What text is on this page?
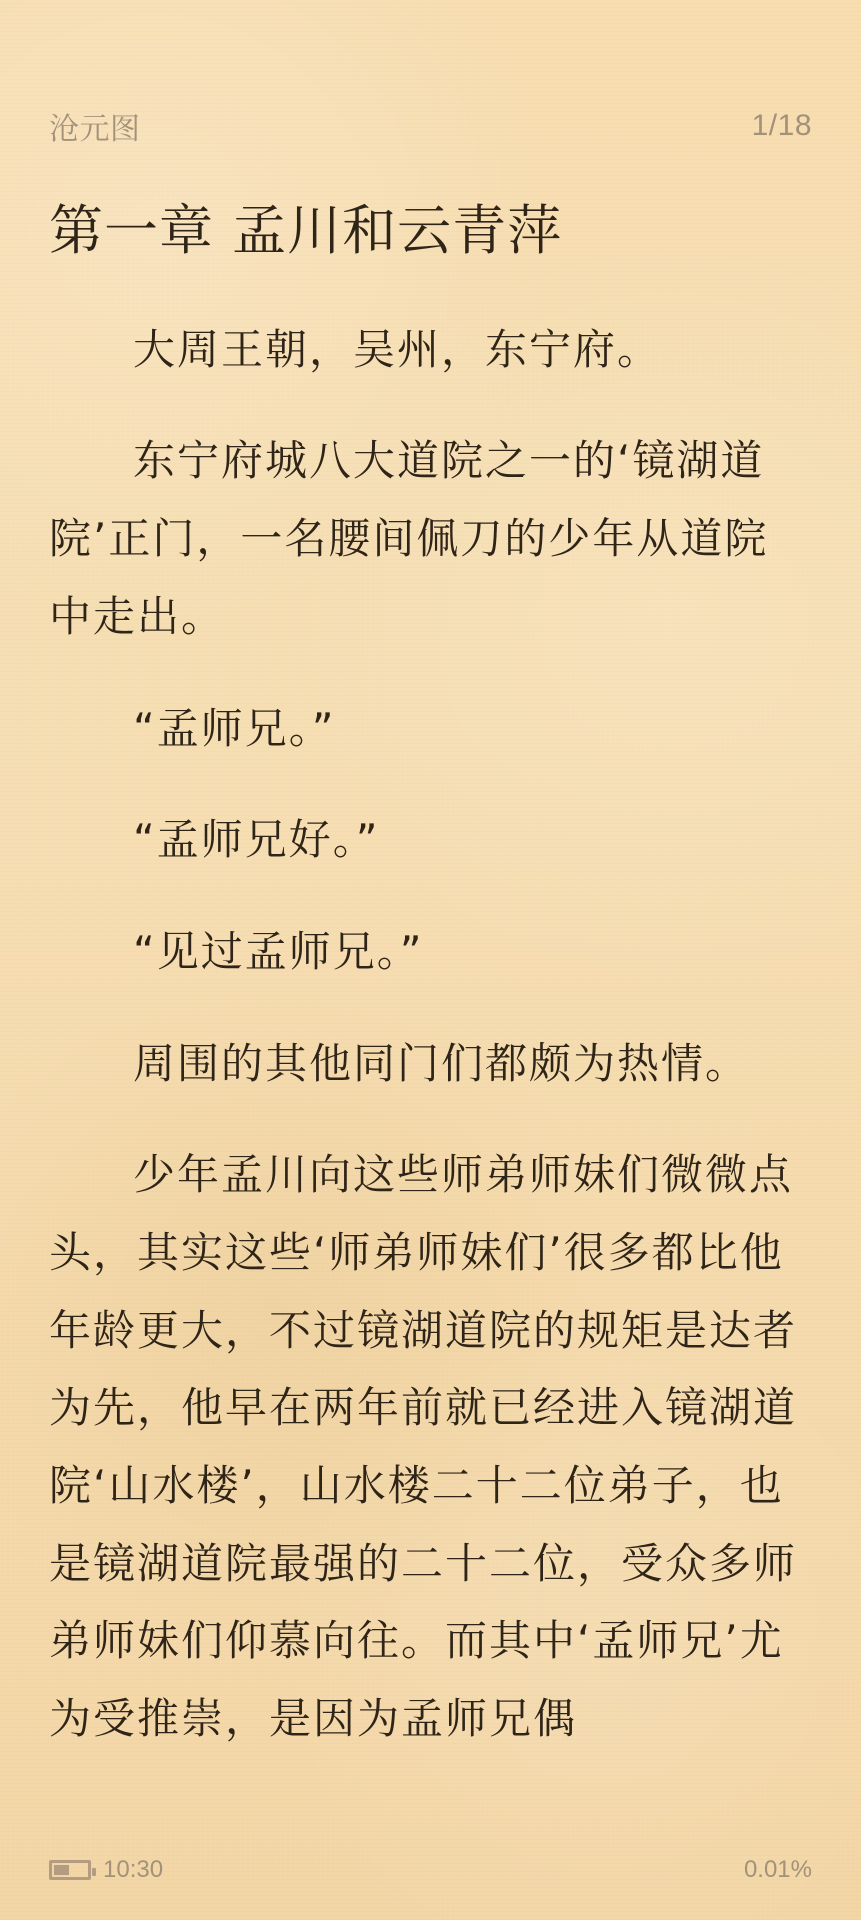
沧元图	1/18
第一章 孟川和云青萍

大周王朝，吴州，东宁府。

东宁府城八大道院之一的‘镜湖道院’正门，一名腰间佩刀的少年从道院中走出。

“孟师兄。”

“孟师兄好。”

“见过孟师兄。”

周围的其他同门们都颇为热情。

少年孟川向这些师弟师妹们微微点头，其实这些‘师弟师妹们’很多都比他年龄更大，不过镜湖道院的规矩是达者为先，他早在两年前就已经进入镜湖道院‘山水楼’，山水楼二十二位弟子，也是镜湖道院最强的二十二位，受众多师弟师妹们仰慕向往。而其中‘孟师兄’尤为受推崇，是因为孟师兄偶

10:30	0.01%
